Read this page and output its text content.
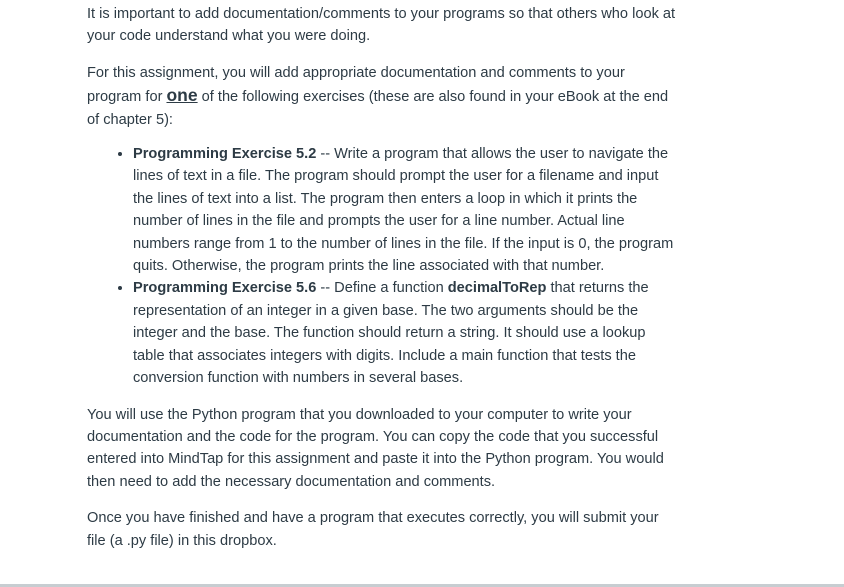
It is important to add documentation/comments to your programs so that others who look at your code understand what you were doing.

For this assignment, you will add appropriate documentation and comments to your program for one of the following exercises (these are also found in your eBook at the end of chapter 5):

• Programming Exercise 5.2 -- Write a program that allows the user to navigate the lines of text in a file. The program should prompt the user for a filename and input the lines of text into a list. The program then enters a loop in which it prints the number of lines in the file and prompts the user for a line number. Actual line numbers range from 1 to the number of lines in the file. If the input is 0, the program quits. Otherwise, the program prints the line associated with that number.
• Programming Exercise 5.6 -- Define a function decimalToRep that returns the representation of an integer in a given base. The two arguments should be the integer and the base. The function should return a string. It should use a lookup table that associates integers with digits. Include a main function that tests the conversion function with numbers in several bases.

You will use the Python program that you downloaded to your computer to write your documentation and the code for the program. You can copy the code that you successful entered into MindTap for this assignment and paste it into the Python program. You would then need to add the necessary documentation and comments.

Once you have finished and have a program that executes correctly, you will submit your file (a .py file) in this dropbox.
